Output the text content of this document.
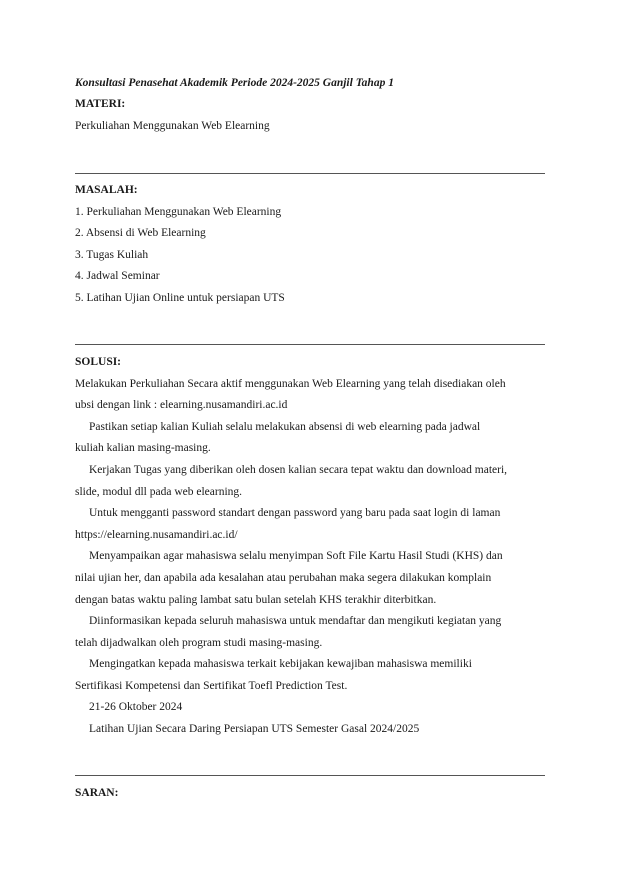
Konsultasi Penasehat Akademik Periode 2024-2025 Ganjil Tahap 1
MATERI:
Perkuliahan Menggunakan Web Elearning
MASALAH:
1. Perkuliahan Menggunakan Web Elearning
2. Absensi di Web Elearning
3. Tugas Kuliah
4. Jadwal Seminar
5. Latihan Ujian Online untuk persiapan UTS
SOLUSI:
Melakukan Perkuliahan Secara aktif menggunakan Web Elearning yang telah disediakan oleh
ubsi dengan link : elearning.nusamandiri.ac.id
Pastikan setiap kalian Kuliah selalu melakukan absensi di web elearning pada jadwal
kuliah kalian masing-masing.
Kerjakan Tugas yang diberikan oleh dosen kalian secara tepat waktu dan download materi,
slide, modul dll pada web elearning.
Untuk mengganti password standart dengan password yang baru pada saat login di laman
https://elearning.nusamandiri.ac.id/
Menyampaikan agar mahasiswa selalu menyimpan Soft File Kartu Hasil Studi (KHS) dan
nilai ujian her, dan apabila ada kesalahan atau perubahan maka segera dilakukan komplain
dengan batas waktu paling lambat satu bulan setelah KHS terakhir diterbitkan.
Diinformasikan kepada seluruh mahasiswa untuk mendaftar dan mengikuti kegiatan yang
telah dijadwalkan oleh program studi masing-masing.
Mengingatkan kepada mahasiswa terkait kebijakan kewajiban mahasiswa memiliki
Sertifikasi Kompetensi dan Sertifikat Toefl Prediction Test.
21-26 Oktober 2024
Latihan Ujian Secara Daring Persiapan UTS Semester Gasal 2024/2025
SARAN:
